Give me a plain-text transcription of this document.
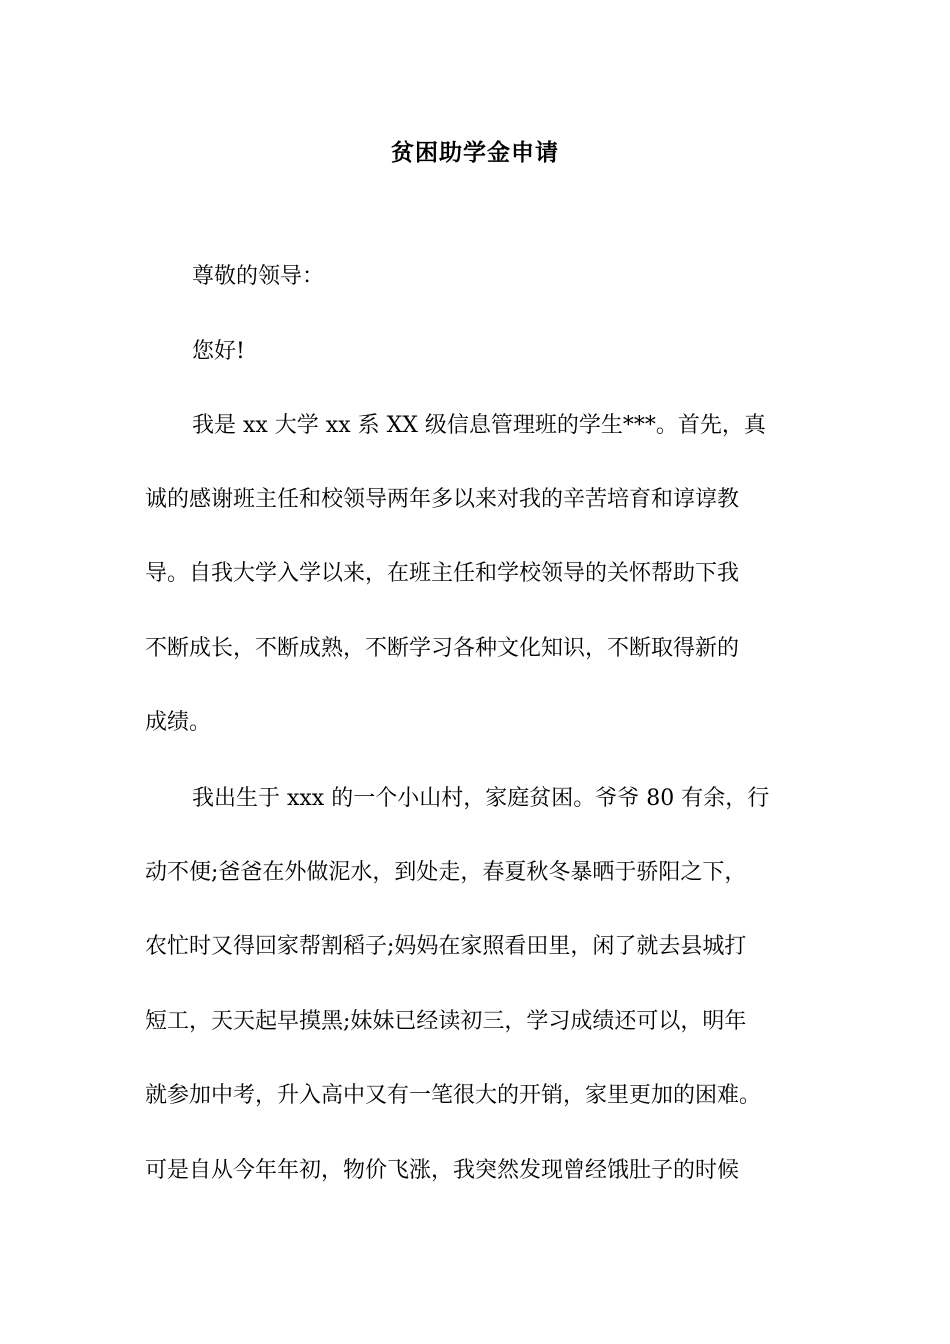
贫困助学金申请
尊敬的领导：
您好!
我是 xx 大学 xx 系 XX 级信息管理班的学生***。首先，真
诚的感谢班主任和校领导两年多以来对我的辛苦培育和谆谆教
导。自我大学入学以来，在班主任和学校领导的关怀帮助下我
不断成长，不断成熟，不断学习各种文化知识，不断取得新的
成绩。
我出生于 xxx 的一个小山村，家庭贫困。爷爷 80 有余，行
动不便;爸爸在外做泥水，到处走，春夏秋冬暴晒于骄阳之下，
农忙时又得回家帮割稻子;妈妈在家照看田里，闲了就去县城打
短工，天天起早摸黑;妹妹已经读初三，学习成绩还可以，明年
就参加中考，升入高中又有一笔很大的开销，家里更加的困难。
可是自从今年年初，物价飞涨，我突然发现曾经饿肚子的时候
